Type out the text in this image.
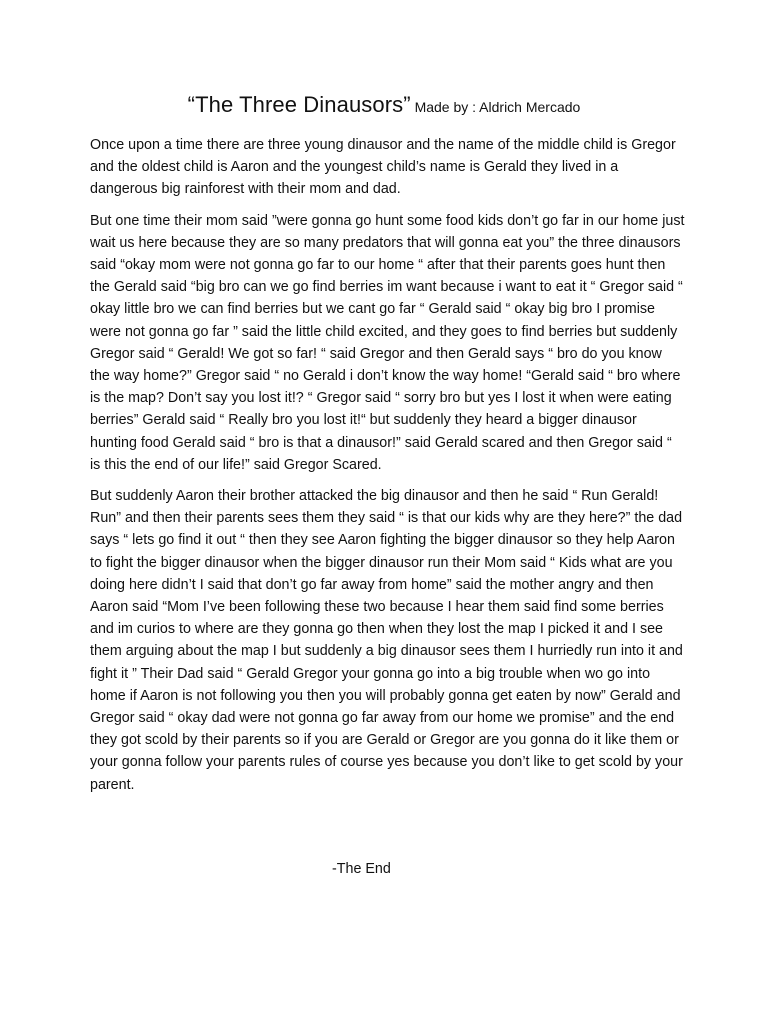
“The Three Dinausors” Made by : Aldrich Mercado

Once upon a time there are three young dinausor and the name of the middle child is Gregor and the oldest child is Aaron and the youngest child’s name is Gerald they lived in a dangerous big rainforest with their mom and dad.

But one time their mom said ”were gonna go hunt some food kids don’t go far in our home just wait us here because they are so many predators that will gonna eat you” the three dinausors said “okay mom were not gonna go far to our home “ after that their parents goes hunt then the Gerald said “big bro can we go find berries im want because i want to eat it “ Gregor said “ okay little bro we can find berries but we cant go far “ Gerald said “ okay big bro I promise were not gonna go far ” said the little child excited, and they goes to find berries but suddenly Gregor said “ Gerald! We got so far! “ said Gregor and then Gerald says “ bro do you know the way home?” Gregor said “ no Gerald i don’t know the way home! “Gerald said “ bro where is the map? Don’t say you lost it!? “ Gregor said “ sorry bro but yes I lost it when were eating berries” Gerald said “ Really bro you lost it!“ but suddenly they heard a bigger dinausor hunting food Gerald said “ bro is that a dinausor!” said Gerald scared and then Gregor said “ is this the end of our life!” said Gregor Scared.

But suddenly Aaron their brother attacked the big dinausor and then he said “ Run Gerald! Run” and then their parents sees them they said “ is that our kids why are they here?” the dad says “ lets go find it out “ then they see Aaron fighting the bigger dinausor so they help Aaron to fight the bigger dinausor when the bigger dinausor run their Mom said “ Kids what are you doing here didn’t I said that don’t go far away from home” said the mother angry and then Aaron said “Mom I’ve been following these two because I hear them said find some berries and im curios to where are they gonna go then when they lost the map I picked it and I see them arguing about the map I but suddenly a big dinausor sees them I hurriedly run into it and fight it ” Their Dad said “ Gerald Gregor your gonna go into a big trouble when wo go into home if Aaron is not following you then you will probably gonna get eaten by now” Gerald and Gregor said “ okay dad were not gonna go far away from our home we promise” and the end they got scold by their parents so if you are Gerald or Gregor are you gonna do it like them or your gonna follow your parents rules of course yes because you don’t like to get scold by your parent.

-The End
